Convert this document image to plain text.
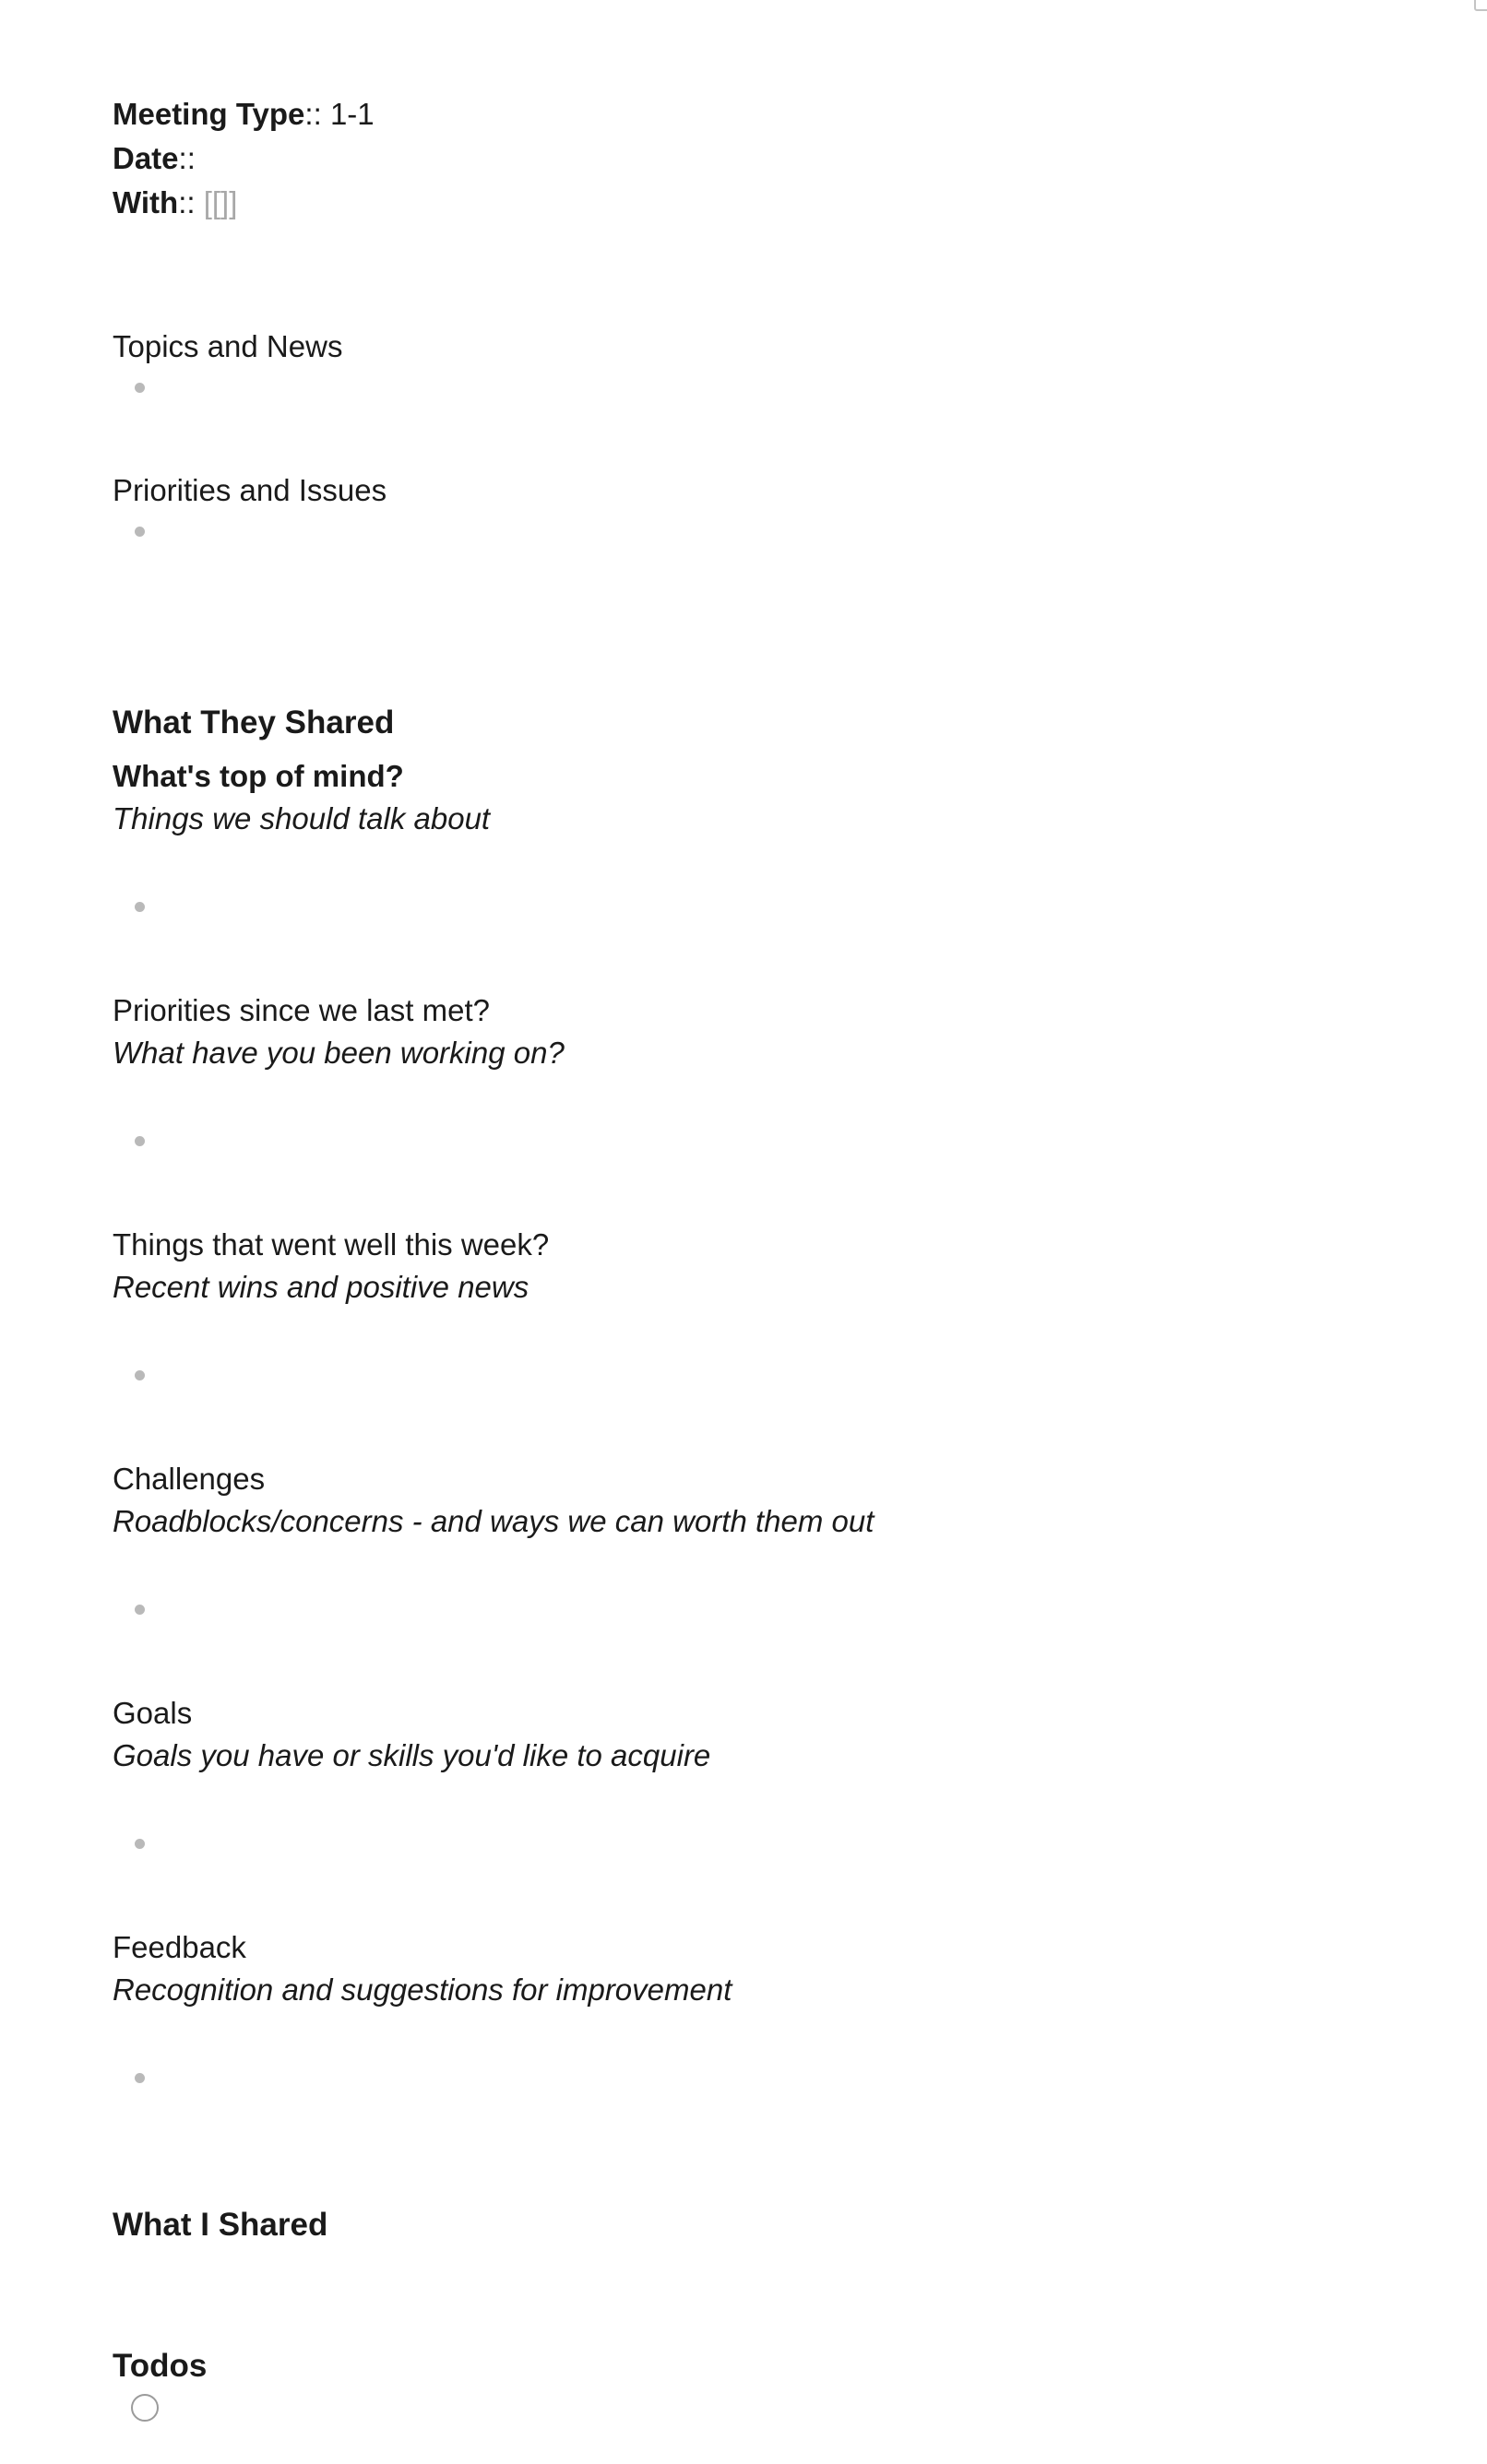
Meeting Type:: 1-1
Date::
With:: [[]]
Topics and News
Priorities and Issues
What They Shared
What's top of mind?
Things we should talk about
Priorities since we last met?
What have you been working on?
Things that went well this week?
Recent wins and positive news
Challenges
Roadblocks/concerns - and ways we can worth them out
Goals
Goals you have or skills you'd like to acquire
Feedback
Recognition and suggestions for improvement
What I Shared
Todos
